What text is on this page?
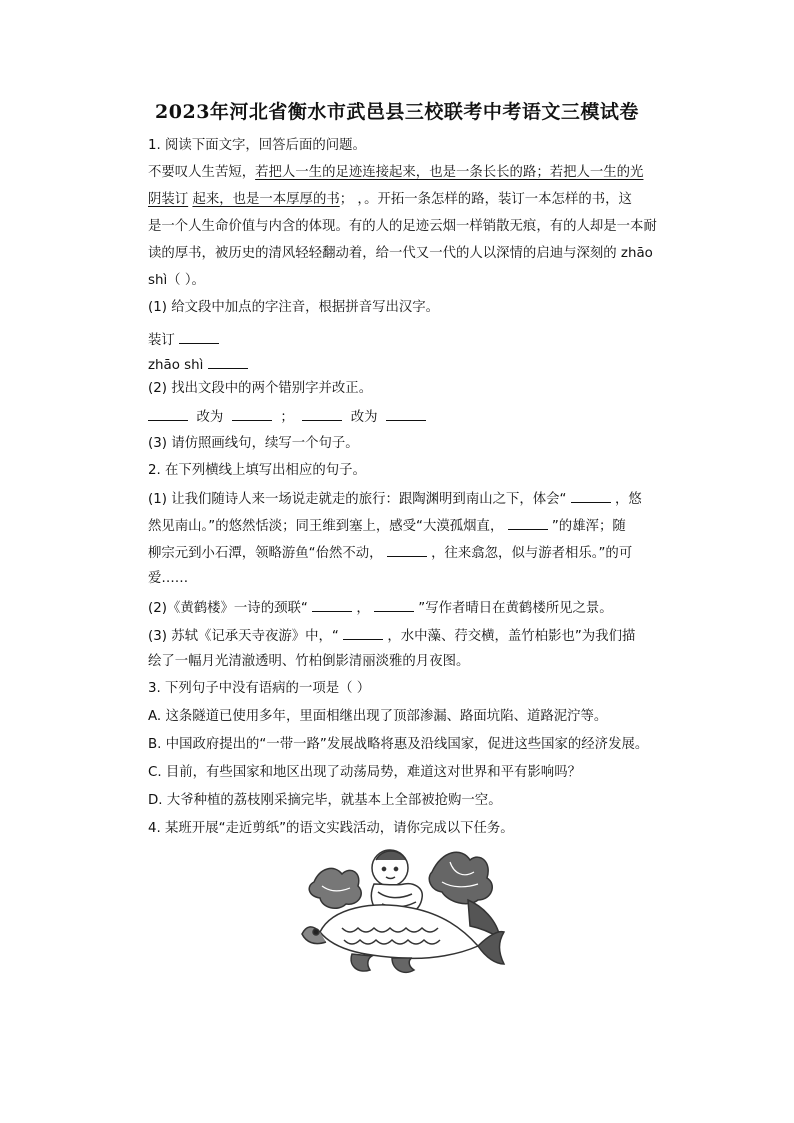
2023年河北省衡水市武邑县三校联考中考语文三模试卷
1. 阅读下面文字，回答后面的问题。
不要叹人生苦短，若把人一生的足迹连接起来，也是一条长长的路；若把人一生的光
阴装订 起来，也是一本厚厚的书； ，。开拓一条怎样的路，装订一本怎样的书，这
是一个人生命价值与内含的体现。有的人的足迹云烟一样销散无痕，有的人却是一本耐
读的厚书，被历史的清风轻轻翻动着，给一代又一代的人以深情的启迪与深刻的 zhāo
shì（ ）。
(1) 给文段中加点的字注音，根据拼音写出汉字。
装订
zhāo shì
(2) 找出文段中的两个错别字并改正。
改为	；	改为
(3) 请仿照画线句，续写一个句子。
2. 在下列横线上填写出相应的句子。
(1) 让我们随诗人来一场说走就走的旅行：跟陶渊明到南山之下，体会“	，悠
然见南山。”的悠然恬淡；同王维到塞上，感受“大漠孤烟直，	”的雄浑；随
柳宗元到小石潭，领略游鱼“佁然不动，	，往来翕忽，似与游者相乐。”的可
爱……
(2)《黄鹤楼》一诗的颈联“	，	”写作者晴日在黄鹤楼所见之景。
(3) 苏轼《记承天寺夜游》中，“	，水中藻、荇交横，盖竹柏影也”为我们描
绘了一幅月光清澈透明、竹柏倒影清丽淡雅的月夜图。
3. 下列句子中没有语病的一项是（ ）
A. 这条隧道已使用多年，里面相继出现了顶部渗漏、路面坑陷、道路泥泞等。
B. 中国政府提出的“一带一路”发展战略将惠及沿线国家，促进这些国家的经济发展。
C. 目前，有些国家和地区出现了动荡局势，难道这对世界和平有影响吗？
D. 大爷种植的荔枝刚采摘完毕，就基本上全部被抢购一空。
4. 某班开展“走近剪纸”的语文实践活动，请你完成以下任务。
